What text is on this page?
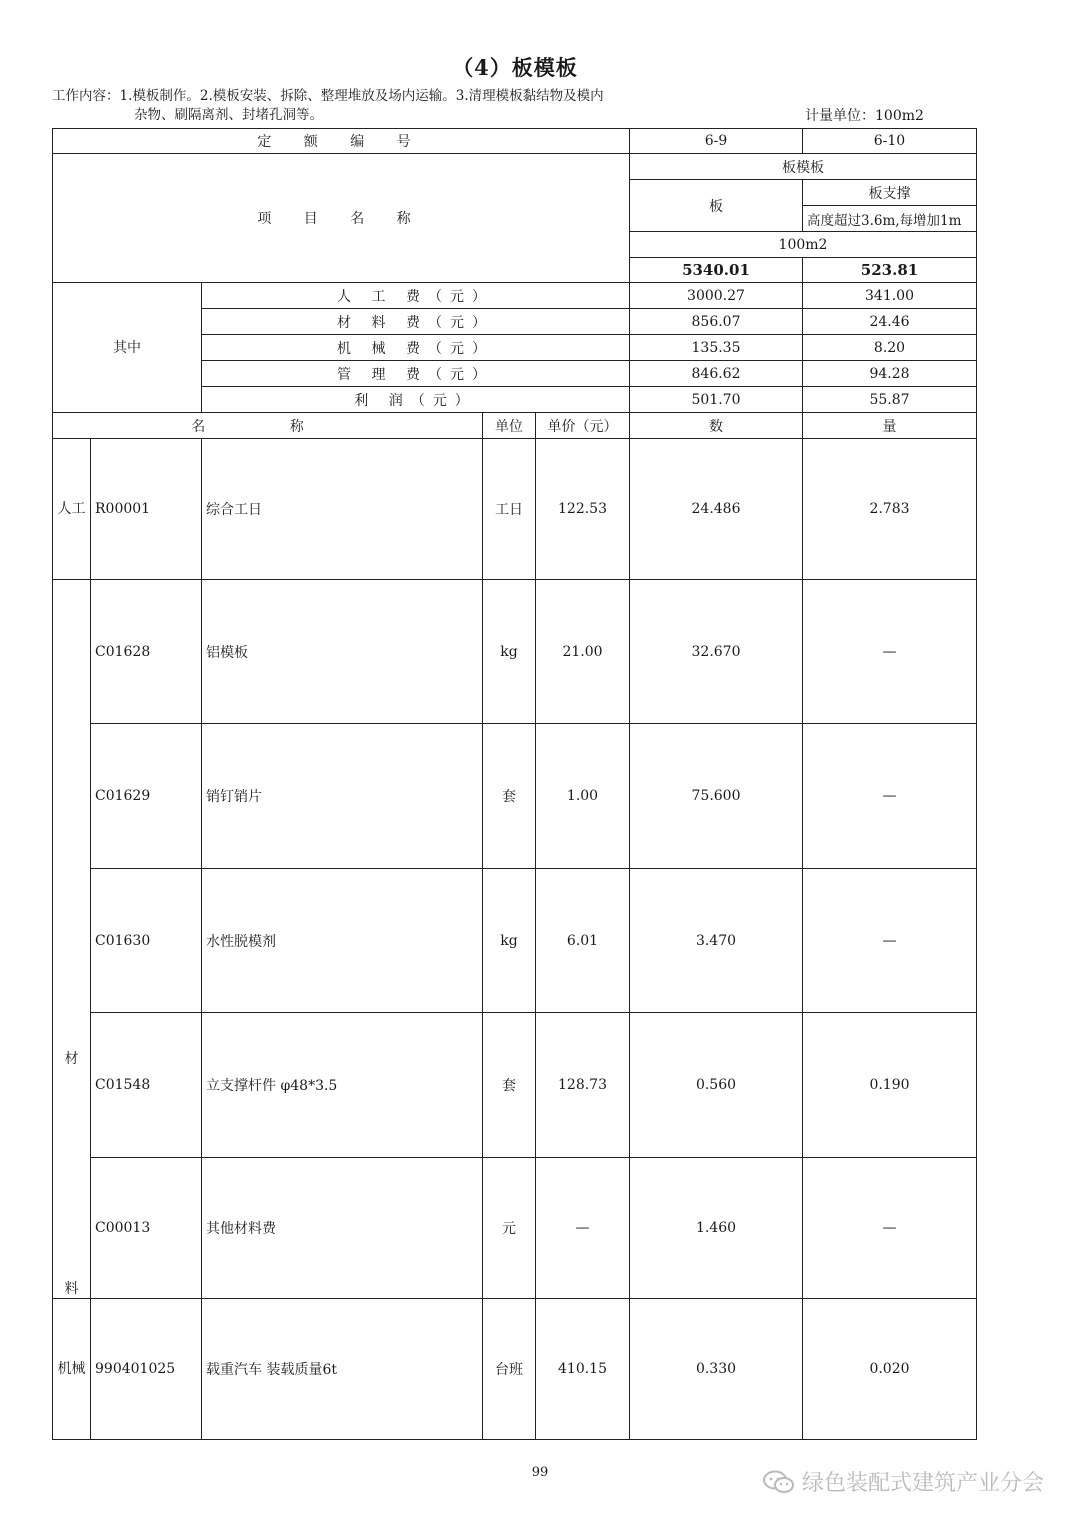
（4）板模板
工作内容：1.模板制作。2.模板安装、拆除、整理堆放及场内运输。3.清理模板黏结物及模内
杂物、刷隔离剂、封堵孔洞等。	计量单位：100m2
定 额 编 号					6-9	6-10
项 目 名 称					板模板	
					板	板支撑
						高度超过3.6m,每增加1m
					100m2	
					5340.01	523.81
其中		人 工 费（元）			3000.27	341.00
		材 料 费（元）			856.07	24.46
		机 械 费（元）			135.35	8.20
		管 理 费（元）			846.62	94.28
		利 润（元）			501.70	55.87
名 称			单位	单价（元）	数	量
人工	R00001	综合工日	工日	122.53	24.486	2.783

材
料	C01628	铝模板	kg	21.00	32.670	—
	C01629	销钉销片	套	1.00	75.600	—
	C01630	水性脱模剂	kg	6.01	3.470	—
	C01548	立支撑杆件 φ48*3.5	套	128.73	0.560	0.190
	C00013	其他材料费	元	—	1.460	—
机械	990401025	载重汽车 装载质量6t	台班	410.15	0.330	0.020
99	绿色装配式建筑产业分会
